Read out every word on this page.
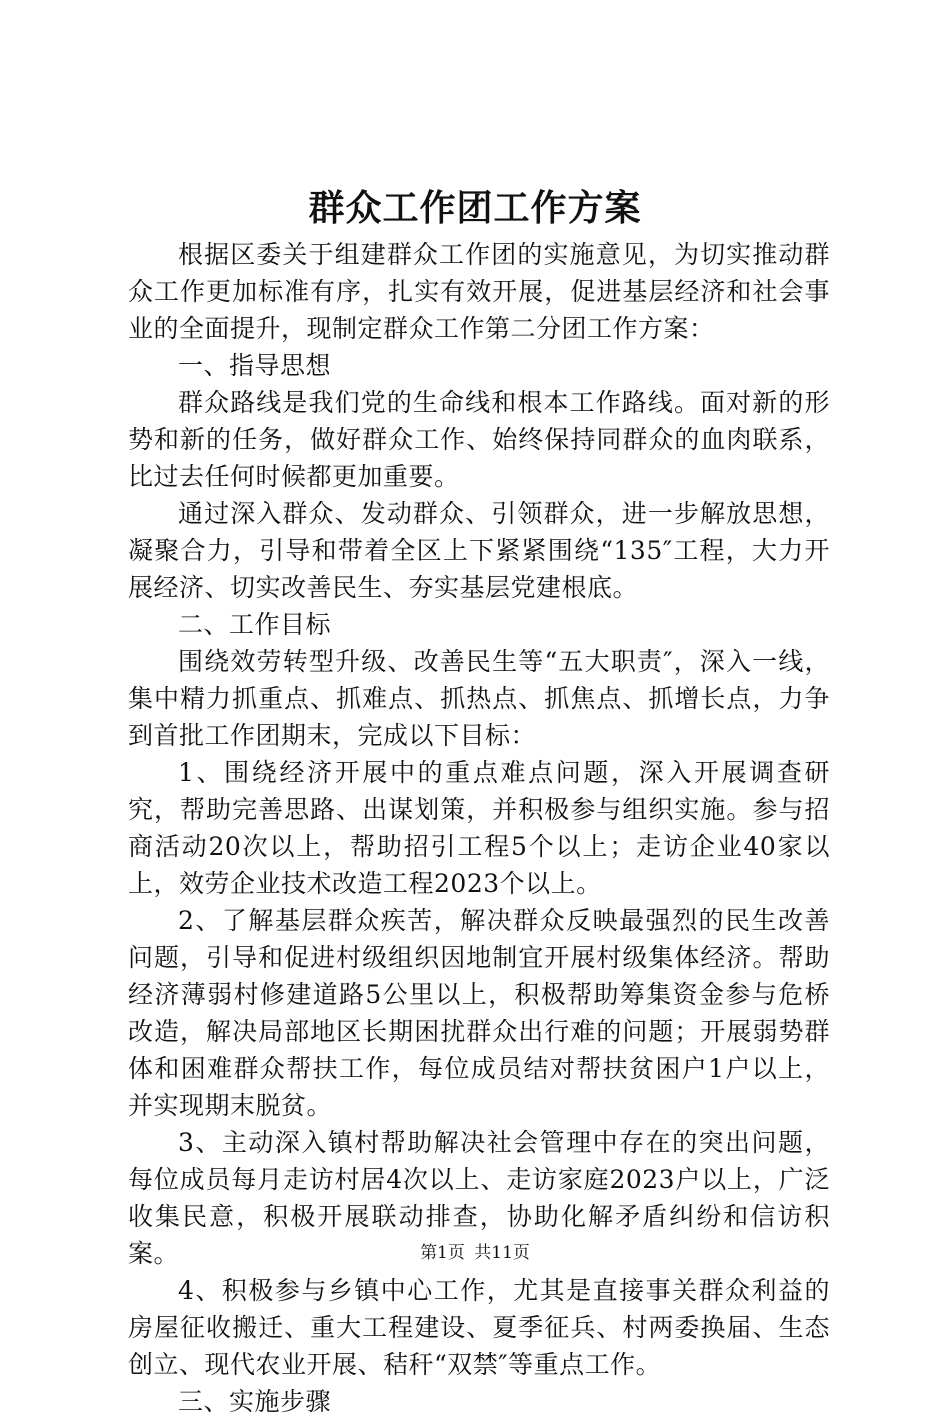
群众工作团工作方案

根据区委关于组建群众工作团的实施意见，为切实推动群众工作更加标准有序，扎实有效开展，促进基层经济和社会事业的全面提升，现制定群众工作第二分团工作方案：

一、指导思想

群众路线是我们党的生命线和根本工作路线。面对新的形势和新的任务，做好群众工作、始终保持同群众的血肉联系，比过去任何时候都更加重要。

通过深入群众、发动群众、引领群众，进一步解放思想，凝聚合力，引导和带着全区上下紧紧围绕“135″工程，大力开展经济、切实改善民生、夯实基层党建根底。

二、工作目标

围绕效劳转型升级、改善民生等“五大职责″，深入一线，集中精力抓重点、抓难点、抓热点、抓焦点、抓增长点，力争到首批工作团期末，完成以下目标：

1、围绕经济开展中的重点难点问题，深入开展调查研究，帮助完善思路、出谋划策，并积极参与组织实施。参与招商活动20次以上，帮助招引工程5个以上；走访企业40家以上，效劳企业技术改造工程2023个以上。

2、了解基层群众疾苦，解决群众反映最强烈的民生改善问题，引导和促进村级组织因地制宜开展村级集体经济。帮助经济薄弱村修建道路5公里以上，积极帮助筹集资金参与危桥改造，解决局部地区长期困扰群众出行难的问题；开展弱势群体和困难群众帮扶工作，每位成员结对帮扶贫困户1户以上，并实现期末脱贫。

3、主动深入镇村帮助解决社会管理中存在的突出问题，每位成员每月走访村居4次以上、走访家庭2023户以上，广泛收集民意，积极开展联动排查，协助化解矛盾纠纷和信访积案。

4、积极参与乡镇中心工作，尤其是直接事关群众利益的房屋征收搬迁、重大工程建设、夏季征兵、村两委换届、生态创立、现代农业开展、秸秆“双禁″等重点工作。

三、实施步骤

第1页 共11页
